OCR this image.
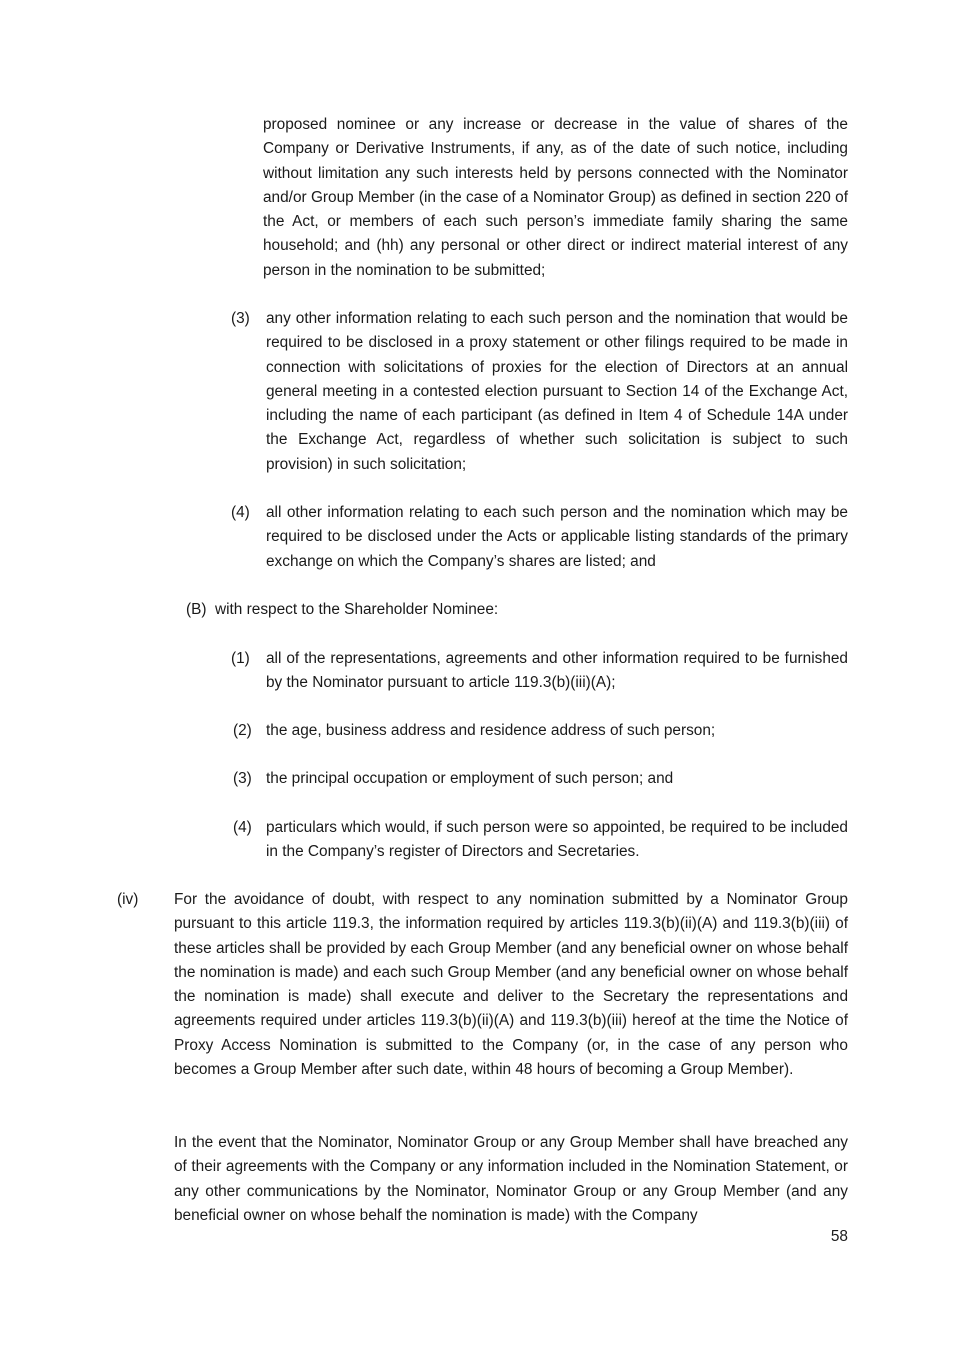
proposed nominee or any increase or decrease in the value of shares of the Company or Derivative Instruments, if any, as of the date of such notice, including without limitation any such interests held by persons connected with the Nominator and/or Group Member (in the case of a Nominator Group) as defined in section 220 of the Act, or members of each such person’s immediate family sharing the same household; and (hh) any personal or other direct or indirect material interest of any person in the nomination to be submitted;

(3) any other information relating to each such person and the nomination that would be required to be disclosed in a proxy statement or other filings required to be made in connection with solicitations of proxies for the election of Directors at an annual general meeting in a contested election pursuant to Section 14 of the Exchange Act, including the name of each participant (as defined in Item 4 of Schedule 14A under the Exchange Act, regardless of whether such solicitation is subject to such provision) in such solicitation;

(4) all other information relating to each such person and the nomination which may be required to be disclosed under the Acts or applicable listing standards of the primary exchange on which the Company’s shares are listed; and

(B) with respect to the Shareholder Nominee:
(1) all of the representations, agreements and other information required to be furnished by the Nominator pursuant to article 119.3(b)(iii)(A);

(2) the age, business address and residence address of such person;

(3) the principal occupation or employment of such person; and

(4) particulars which would, if such person were so appointed, be required to be included in the Company’s register of Directors and Secretaries.

(iv) For the avoidance of doubt, with respect to any nomination submitted by a Nominator Group pursuant to this article 119.3, the information required by articles 119.3(b)(ii)(A) and 119.3(b)(iii) of these articles shall be provided by each Group Member (and any beneficial owner on whose behalf the nomination is made) and each such Group Member (and any beneficial owner on whose behalf the nomination is made) shall execute and deliver to the Secretary the representations and agreements required under articles 119.3(b)(ii)(A) and 119.3(b)(iii) hereof at the time the Notice of Proxy Access Nomination is submitted to the Company (or, in the case of any person who becomes a Group Member after such date, within 48 hours of becoming a Group Member).

In the event that the Nominator, Nominator Group or any Group Member shall have breached any of their agreements with the Company or any information included in the Nomination Statement, or any other communications by the Nominator, Nominator Group or any Group Member (and any beneficial owner on whose behalf the nomination is made) with the Company

58
